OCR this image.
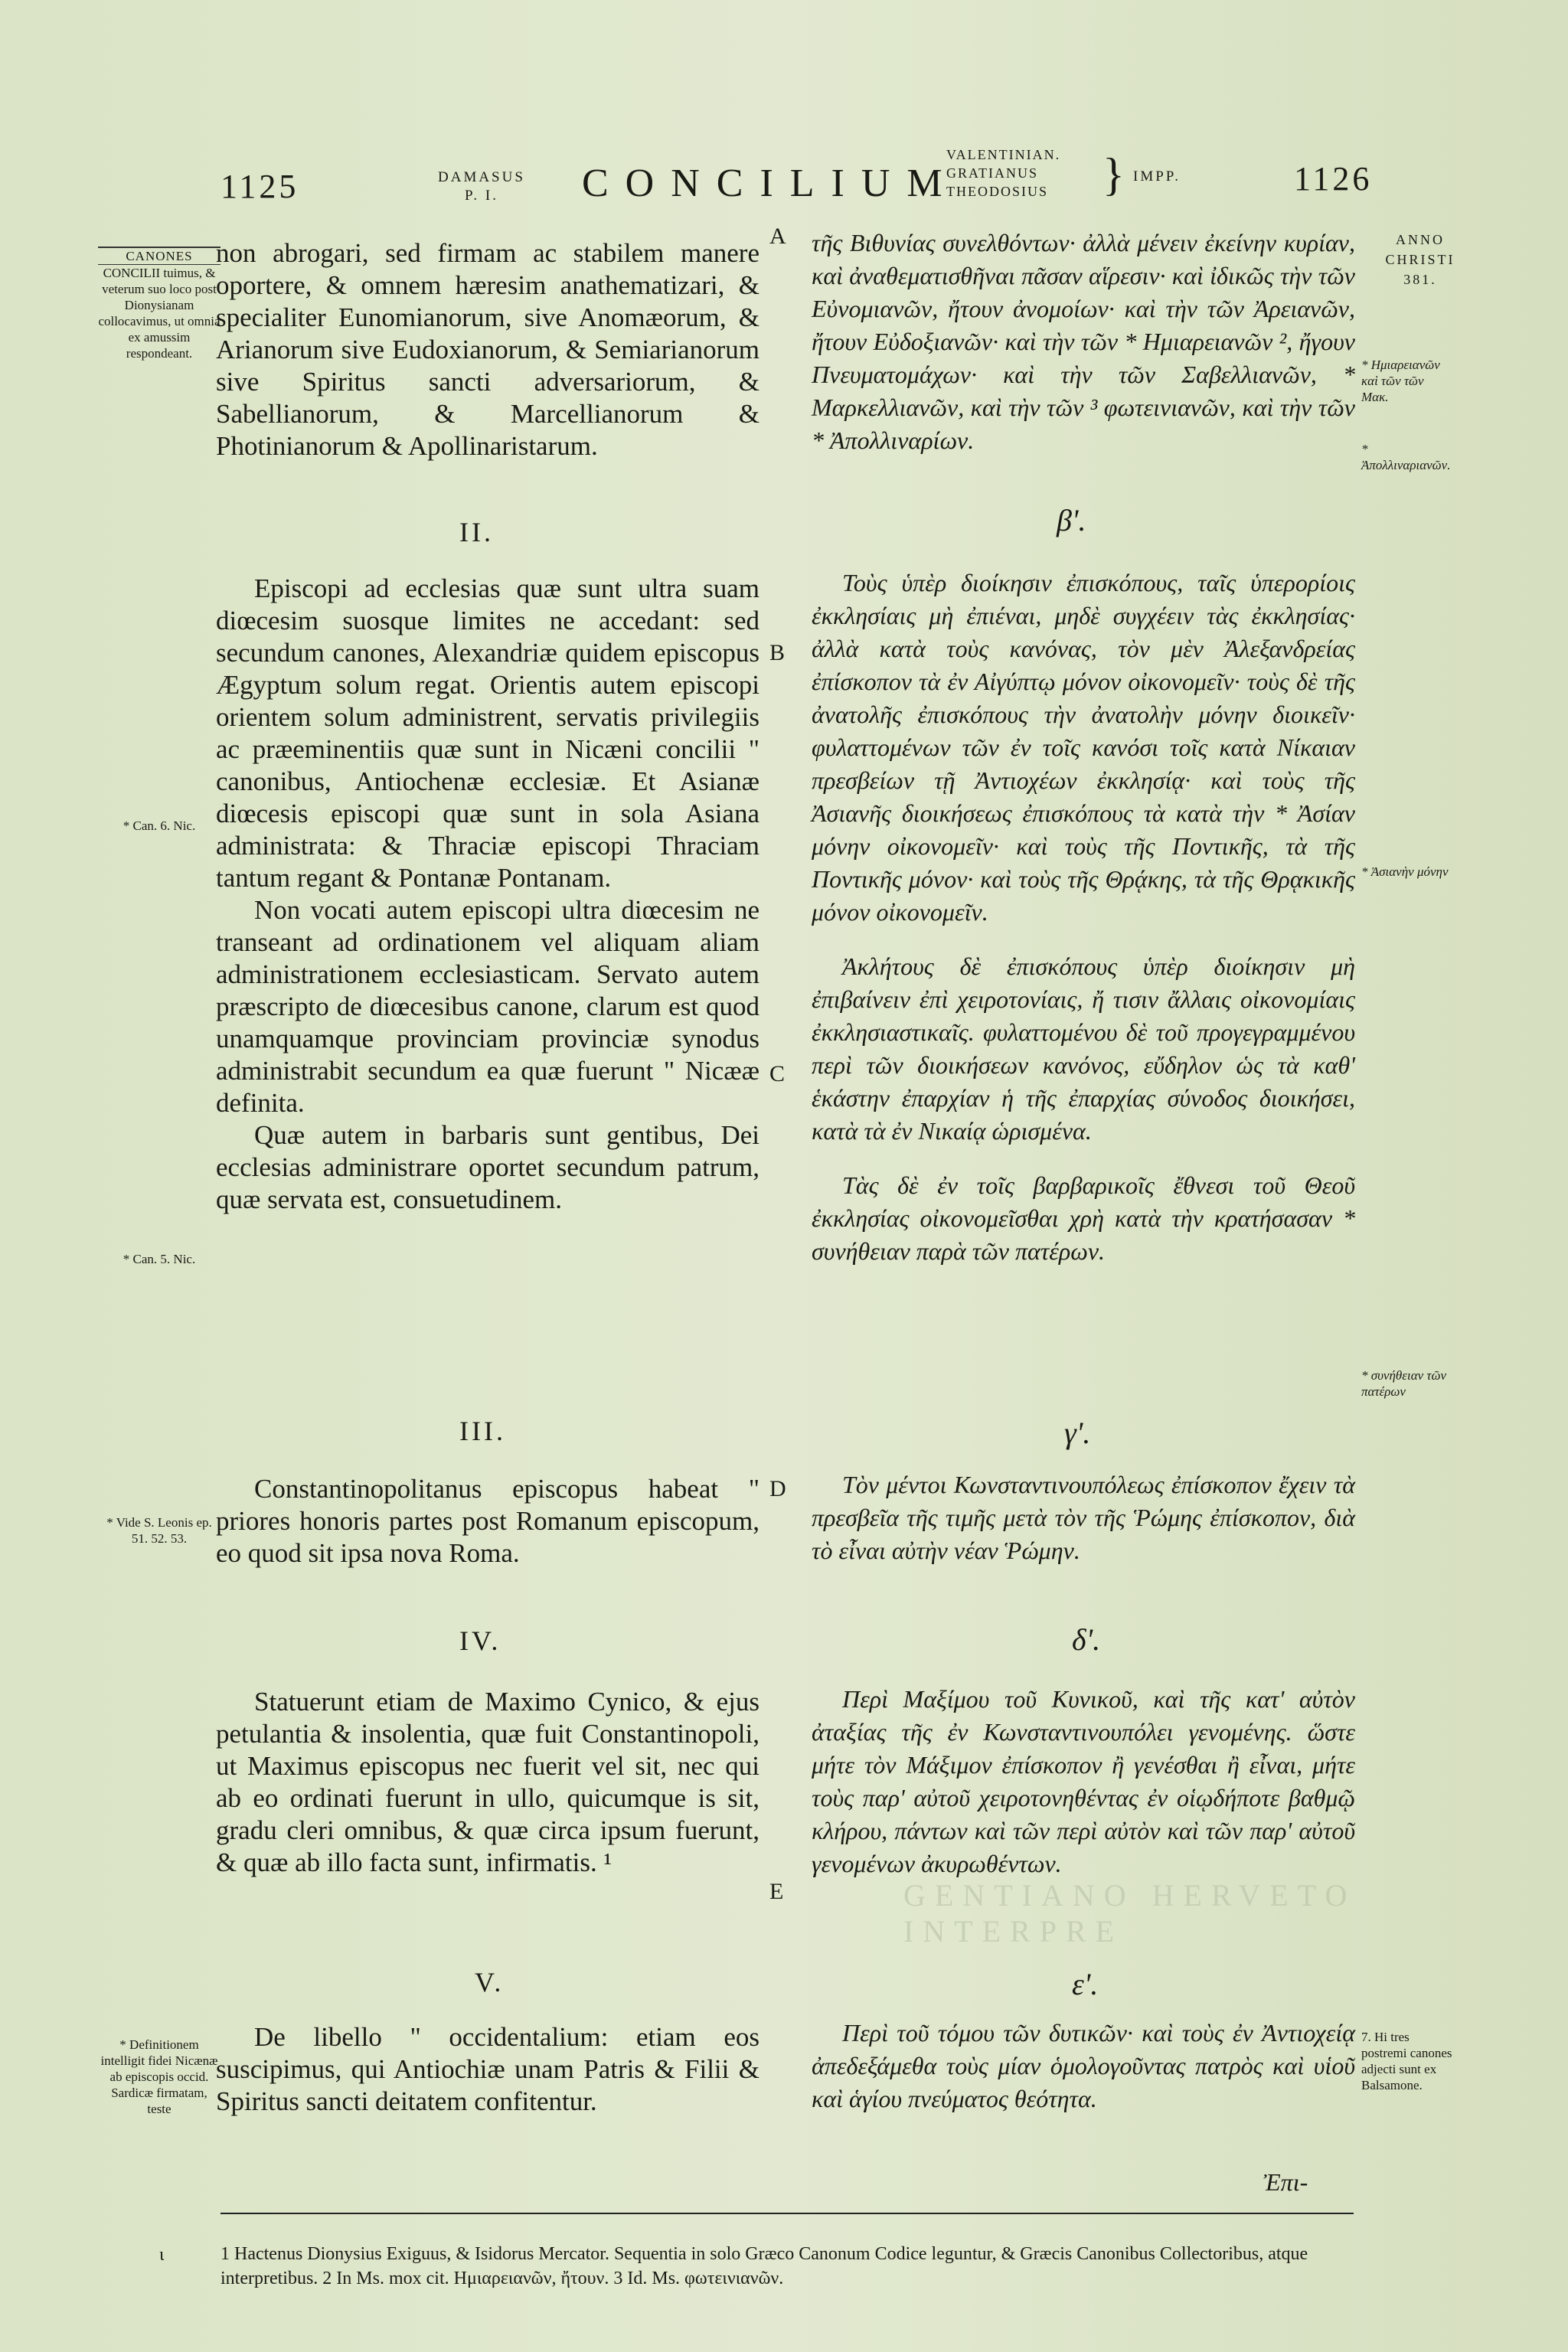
1125	DAMASUS
P. I.	CONCILIUM
VALENTINIAN.
GRATIANUS
THEODOSIUS } IMPP.	1126
CANONES
CONCILII tuimus, & veterum suo loco post Dionysianam collocavimus, ut omnia ex amussim respondeant.
* Can. 6. Nic.
* Can. 5. Nic.
* Vide S. Leonis ep. 51. 52. 53.
* Definitionem intelligit fidei Nicænæ ab episcopis occid. Sardicæ firmatam, teste

non abrogari, sed firmam ac stabilem manere oportere, & omnem hæresim anathematizari, & specialiter Eunomianorum, sive Anomæorum, & Arianorum sive Eudoxianorum, & Semiarianorum sive Spiritus sancti adversariorum, & Sabellianorum, & Marcellianorum & Photinianorum & Apollinaristarum.

II.

Episcopi ad ecclesias quæ sunt ultra suam diœcesim suosque limites ne accedant: sed secundum canones, Alexandriæ quidem episcopus Ægyptum solum regat. Orientis autem episcopi orientem solum administrent, servatis privilegiis ac præeminentiis quæ sunt in Nicæni concilii " canonibus, Antiochenæ ecclesiæ. Et Asianæ diœcesis episcopi quæ sunt in sola Asiana administrata: & Thraciæ episcopi Thraciam tantum regant & Pontanæ Pontanam.

Non vocati autem episcopi ultra diœcesim ne transeant ad ordinationem vel aliquam aliam administrationem ecclesiasticam. Servato autem præscripto de diœcesibus canone, clarum est quod unamquamque provinciam provinciæ synodus administrabit secundum ea quæ fuerunt " Nicææ definita.

Quæ autem in barbaris sunt gentibus, Dei ecclesias administrare oportet secundum patrum, quæ servata est, consuetudinem.

III.

Constantinopolitanus episcopus habeat " priores honoris partes post Romanum episcopum, eo quod sit ipsa nova Roma.

IV.

Statuerunt etiam de Maximo Cynico, & ejus petulantia & insolentia, quæ fuit Constantinopoli, ut Maximus episcopus nec fuerit vel sit, nec qui ab eo ordinati fuerunt in ullo, quicumque is sit, gradu cleri omnibus, & quæ circa ipsum fuerunt, & quæ ab illo facta sunt, infirmatis. ¹

V.

De libello " occidentalium: etiam eos suscipimus, qui Antiochiæ unam Patris & Filii & Spiritus sancti deitatem confitentur.

A
B
C
D
E

τῆς Βιθυνίας συνελθόντων· ἀλλὰ μένειν ἐκείνην κυρίαν, καὶ ἀναθεματισθῆναι πᾶσαν αἵρεσιν· καὶ ἰδικῶς τὴν τῶν Εὐνομιανῶν, ἤτουν ἀνομοίων· καὶ τὴν τῶν Ἀρειανῶν, ἤτουν Εὐδοξιανῶν· καὶ τὴν τῶν * Ημιαρειανῶν ², ἤγουν Πνευματομάχων· καὶ τὴν τῶν Σαβελλιανῶν, * Μαρκελλιανῶν, καὶ τὴν τῶν ³ φωτεινιανῶν, καὶ τὴν τῶν * Ἀπολλιναρίων.

β'.

Τοὺς ὑπὲρ διοίκησιν ἐπισκόπους, ταῖς ὑπερορίοις ἐκκλησίαις μὴ ἐπιέναι, μηδὲ συγχέειν τὰς ἐκκλησίας· ἀλλὰ κατὰ τοὺς κανόνας, τὸν μὲν Ἀλεξανδρείας ἐπίσκοπον τὰ ἐν Αἰγύπτῳ μόνον οἰκονομεῖν· τοὺς δὲ τῆς ἀνατολῆς ἐπισκόπους τὴν ἀνατολὴν μόνην διοικεῖν· φυλαττομένων τῶν ἐν τοῖς κανόσι τοῖς κατὰ Νίκαιαν πρεσβείων τῇ Ἀντιοχέων ἐκκλησίᾳ· καὶ τοὺς τῆς Ἀσιανῆς διοικήσεως ἐπισκόπους τὰ κατὰ τὴν * Ἀσίαν μόνην οἰκονομεῖν· καὶ τοὺς τῆς Ποντικῆς, τὰ τῆς Ποντικῆς μόνον· καὶ τοὺς τῆς Θρᾴκης, τὰ τῆς Θρᾳκικῆς μόνον οἰκονομεῖν.

Ἀκλήτους δὲ ἐπισκόπους ὑπὲρ διοίκησιν μὴ ἐπιβαίνειν ἐπὶ χειροτονίαις, ἤ τισιν ἄλλαις οἰκονομίαις ἐκκλησιαστικαῖς. φυλαττομένου δὲ τοῦ προγεγραμμένου περὶ τῶν διοικήσεων κανόνος, εὔδηλον ὡς τὰ καθ' ἑκάστην ἐπαρχίαν ἡ τῆς ἐπαρχίας σύνοδος διοικήσει, κατὰ τὰ ἐν Νικαίᾳ ὡρισμένα.

Τὰς δὲ ἐν τοῖς βαρβαρικοῖς ἔθνεσι τοῦ Θεοῦ ἐκκλησίας οἰκονομεῖσθαι χρὴ κατὰ τὴν κρατήσασαν * συνήθειαν παρὰ τῶν πατέρων.

γ'.

Τὸν μέντοι Κωνσταντινουπόλεως ἐπίσκοπον ἔχειν τὰ πρεσβεῖα τῆς τιμῆς μετὰ τὸν τῆς Ῥώμης ἐπίσκοπον, διὰ τὸ εἶναι αὐτὴν νέαν Ῥώμην.

δ'.

Περὶ Μαξίμου τοῦ Κυνικοῦ, καὶ τῆς κατ' αὐτὸν ἀταξίας τῆς ἐν Κωνσταντινουπόλει γενομένης. ὥστε μήτε τὸν Μάξιμον ἐπίσκοπον ἢ γενέσθαι ἢ εἶναι, μήτε τοὺς παρ' αὐτοῦ χειροτονηθέντας ἐν οἱῳδήποτε βαθμῷ κλήρου, πάντων καὶ τῶν περὶ αὐτὸν καὶ τῶν παρ' αὐτοῦ γενομένων ἀκυρωθέντων.

ε'.

Περὶ τοῦ τόμου τῶν δυτικῶν· καὶ τοὺς ἐν Ἀντιοχείᾳ ἀπεδεξάμεθα τοὺς μίαν ὁμολογοῦντας πατρὸς καὶ υἱοῦ καὶ ἁγίου πνεύματος θεότητα.

ANNO CHRISTI 381.
* Ημιαρειανῶν καὶ τῶν τῶν Μακ.
* Ἀπολλιναριανῶν.
* Ἀσιανὴν μόνην
* συνήθειαν τῶν πατέρων
7. Hi tres postremi canones adjecti sunt ex Balsamone.
GENTIANO HERVETO INTERPRE
Ἐπι-
ι	1 Hactenus Dionysius Exiguus, & Isidorus Mercator. Sequentia in solo Græco Canonum Codice leguntur, & Græcis Canonibus Collectoribus, atque interpretibus. 2 In Ms. mox cit. Ημιαρειανῶν, ἤτουν. 3 Id. Ms. φωτεινιανῶν.
